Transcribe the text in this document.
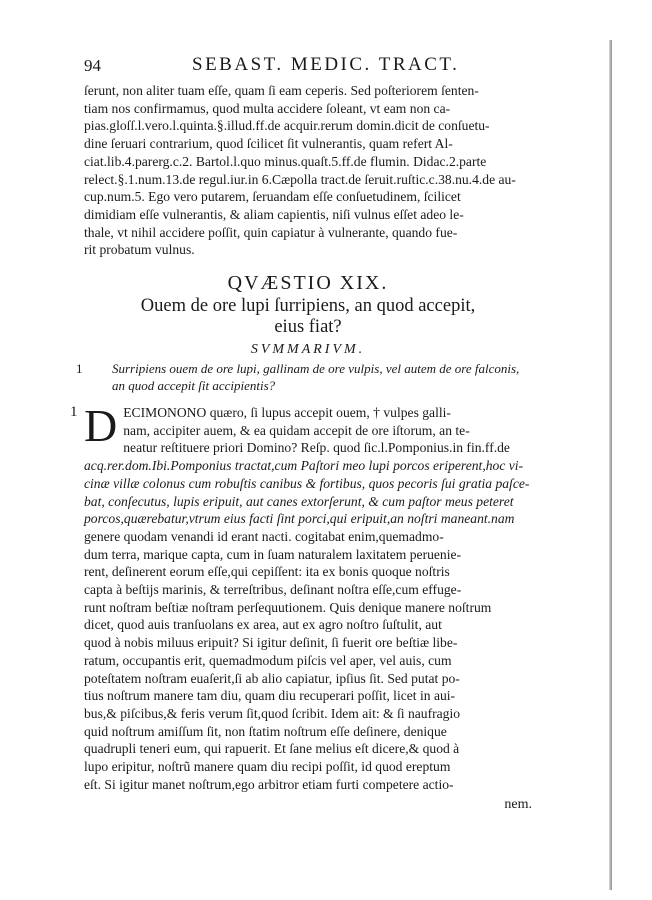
94	SEBAST. MEDIC. TRACT.

ſerunt, non aliter tuam eſſe, quam ſi eam ceperis. Sed poſteriorem ſenten-

tiam nos confirmamus, quod multa accidere ſoleant, vt eam non ca-

pias.gloſſ.l.vero.l.quinta.§.illud.ff.de acquir.rerum domin.dicit de conſuetu-

dine ſeruari contrarium, quod ſcilicet ſit vulnerantis, quam refert Al-

ciat.lib.4.parerg.c.2. Bartol.l.quo minus.quaſt.5.ff.de flumin. Didac.2.parte

relect.§.1.num.13.de regul.iur.in 6.Cæpolla tract.de ſeruit.ruſtic.c.38.nu.4.de au-

cup.num.5. Ego vero putarem, ſeruandam eſſe conſuetudinem, ſcilicet

dimidiam eſſe vulnerantis, & aliam capientis, niſi vulnus eſſet adeo le-

thale, vt nihil accidere poſſit, quin capiatur à vulnerante, quando fue-

rit probatum vulnus.

QVÆSTIO XIX.

Ouem de ore lupi ſurripiens, an quod accepit,

eius fiat?

SVMMARIVM.

1 Surripiens ouem de ore lupi, gallinam de ore vulpis, vel autem de ore falconis,
an quod accepit ſit accipientis?
1 D ECIMONONO quæro, ſi lupus accepit ouem, † vulpes galli-

nam, accipiter auem, & ea quidam accepit de ore iſtorum, an te-

neatur reſtituere priori Domino? Reſp. quod ſic.l.Pomponius.in fin.ff.de

acq.rer.dom.Ibi.Pomponius tractat,cum Paſtori meo lupi porcos eriperent,hoc vi-

cinæ villæ colonus cum robuſtis canibus & fortibus, quos pecoris ſui gratia paſce-

bat, conſecutus, lupis eripuit, aut canes extorſerunt, & cum paſtor meus peteret

porcos,quærebatur,vtrum eius facti ſint porci,qui eripuit,an noſtri maneant.nam

genere quodam venandi id erant nacti. cogitabat enim,quemadmo-

dum terra, marique capta, cum in ſuam naturalem laxitatem peruenie-

rent, deſinerent eorum eſſe,qui cepiſſent: ita ex bonis quoque noſtris

capta à beſtijs marinis, & terreſtribus, deſinant noſtra eſſe,cum effuge-

runt noſtram beſtiæ noſtram perſequutionem. Quis denique manere noſtrum

dicet, quod auis tranſuolans ex area, aut ex agro noſtro ſuſtulit, aut

quod à nobis miluus eripuit? Si igitur deſinit, ſi fuerit ore beſtiæ libe-

ratum, occupantis erit, quemadmodum piſcis vel aper, vel auis, cum

poteſtatem noſtram euaſerit,ſi ab alio capiatur, ipſius ſit. Sed putat po-

tius noſtrum manere tam diu, quam diu recuperari poſſit, licet in aui-

bus,& piſcibus,& feris verum ſit,quod ſcribit. Idem ait: & ſi naufragio

quid noſtrum amiſſum ſit, non ſtatim noſtrum eſſe deſinere, denique

quadrupli teneri eum, qui rapuerit. Et ſane melius eſt dicere,& quod à

lupo eripitur, noſtrũ manere quam diu recipi poſſit, id quod ereptum

eſt. Si igitur manet noſtrum,ego arbitror etiam furti competere actio-

nem.
